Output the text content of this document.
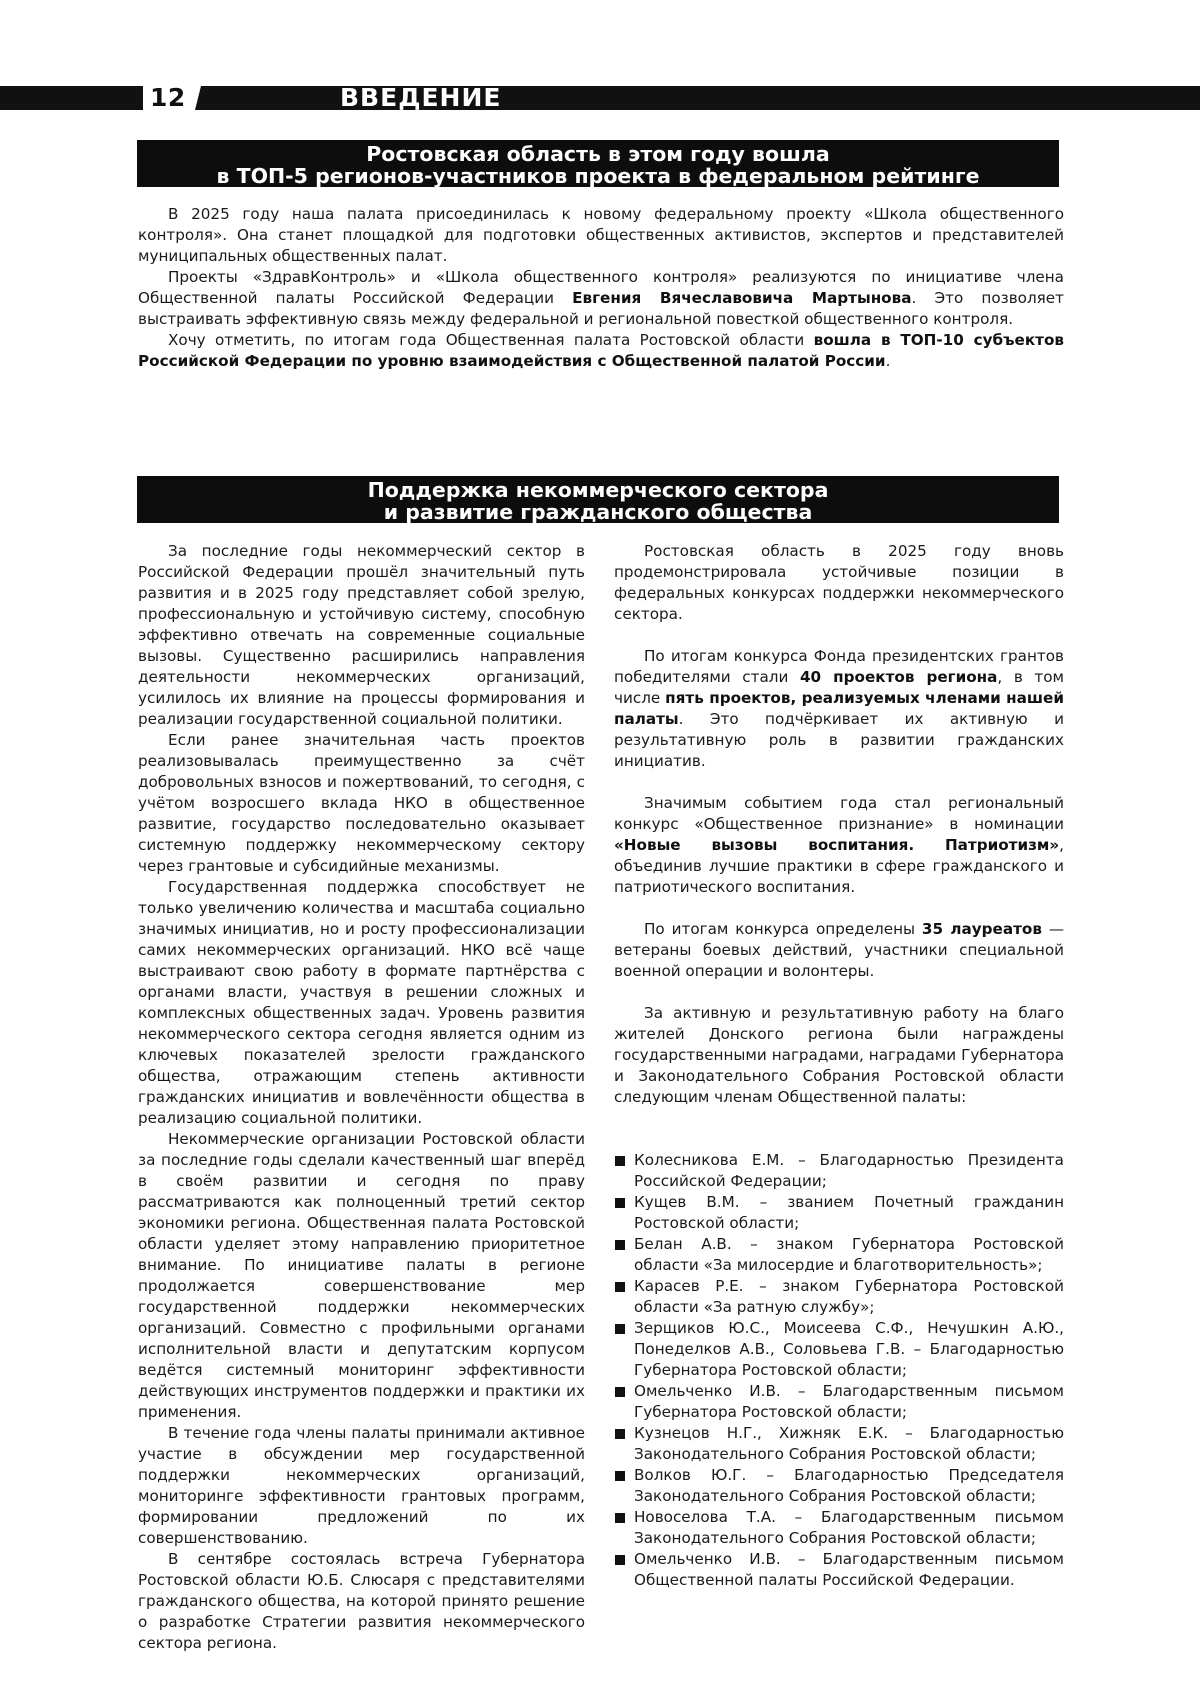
12	ВВЕДЕНИЕ
Ростовская область в этом году вошла
в ТОП-5 регионов-участников проекта в федеральном рейтинге

В 2025 году наша палата присоединилась к новому федеральному проекту «Школа общественного контроля». Она станет площадкой для подготовки общественных активистов, экспертов и представителей муниципальных общественных палат.

Проекты «ЗдравКонтроль» и «Школа общественного контроля» реализуются по инициативе члена Общественной палаты Российской Федерации Евгения Вячеславовича Мартынова. Это позволяет выстраивать эффективную связь между федеральной и региональной повесткой общественного контроля.

Хочу отметить, по итогам года Общественная палата Ростовской области вошла в ТОП-10 субъектов Российской Федерации по уровню взаимодействия с Общественной палатой России.

Поддержка некоммерческого сектора
и развитие гражданского общества

За последние годы некоммерческий сектор в Российской Федерации прошёл значительный путь развития и в 2025 году представляет собой зрелую, профессиональную и устойчивую систему, способную эффективно отвечать на современные социальные вызовы. Существенно расширились направления деятельности некоммерческих организаций, усилилось их влияние на процессы формирования и реализации государственной социальной политики.

Если ранее значительная часть проектов реализовывалась преимущественно за счёт добровольных взносов и пожертвований, то сегодня, с учётом возросшего вклада НКО в общественное развитие, государство последовательно оказывает системную поддержку некоммерческому сектору через грантовые и субсидийные механизмы.

Государственная поддержка способствует не только увеличению количества и масштаба социально значимых инициатив, но и росту профессионализации самих некоммерческих организаций. НКО всё чаще выстраивают свою работу в формате партнёрства с органами власти, участвуя в решении сложных и комплексных общественных задач. Уровень развития некоммерческого сектора сегодня является одним из ключевых показателей зрелости гражданского общества, отражающим степень активности гражданских инициатив и вовлечённости общества в реализацию социальной политики.

Некоммерческие организации Ростовской области за последние годы сделали качественный шаг вперёд в своём развитии и сегодня по праву рассматриваются как полноценный третий сектор экономики региона. Общественная палата Ростовской области уделяет этому направлению приоритетное внимание. По инициативе палаты в регионе продолжается совершенствование мер государственной поддержки некоммерческих организаций. Совместно с профильными органами исполнительной власти и депутатским корпусом ведётся системный мониторинг эффективности действующих инструментов поддержки и практики их применения.

В течение года члены палаты принимали активное участие в обсуждении мер государственной поддержки некоммерческих организаций, мониторинге эффективности грантовых программ, формировании предложений по их совершенствованию.

В сентябре состоялась встреча Губернатора Ростовской области Ю.Б. Слюсаря с представителями гражданского общества, на которой принято решение о разработке Стратегии развития некоммерческого сектора региона.

Ростовская область в 2025 году вновь продемонстрировала устойчивые позиции в федеральных конкурсах поддержки некоммерческого сектора.

По итогам конкурса Фонда президентских грантов победителями стали 40 проектов региона, в том числе пять проектов, реализуемых членами нашей палаты. Это подчёркивает их активную и результативную роль в развитии гражданских инициатив.

Значимым событием года стал региональный конкурс «Общественное признание» в номинации «Новые вызовы воспитания. Патриотизм», объединив лучшие практики в сфере гражданского и патриотического воспитания.

По итогам конкурса определены 35 лауреатов — ветераны боевых действий, участники специальной военной операции и волонтеры.

За активную и результативную работу на благо жителей Донского региона были награждены государственными наградами, наградами Губернатора и Законодательного Собрания Ростовской области следующим членам Общественной палаты:

Колесникова Е.М. – Благодарностью Президента Российской Федерации;
Кущев В.М. – званием Почетный гражданин Ростовской области;
Белан А.В. – знаком Губернатора Ростовской области «За милосердие и благотворительность»;
Карасев Р.Е. – знаком Губернатора Ростовской области «За ратную службу»;
Зерщиков Ю.С., Моисеева С.Ф., Нечушкин А.Ю., Понеделков А.В., Соловьева Г.В. – Благодарностью Губернатора Ростовской области;
Омельченко И.В. – Благодарственным письмом Губернатора Ростовской области;
Кузнецов Н.Г., Хижняк Е.К. – Благодарностью Законодательного Собрания Ростовской области;
Волков Ю.Г. – Благодарностью Председателя Законодательного Собрания Ростовской области;
Новоселова Т.А. – Благодарственным письмом Законодательного Собрания Ростовской области;
Омельченко И.В. – Благодарственным письмом Общественной палаты Российской Федерации.
